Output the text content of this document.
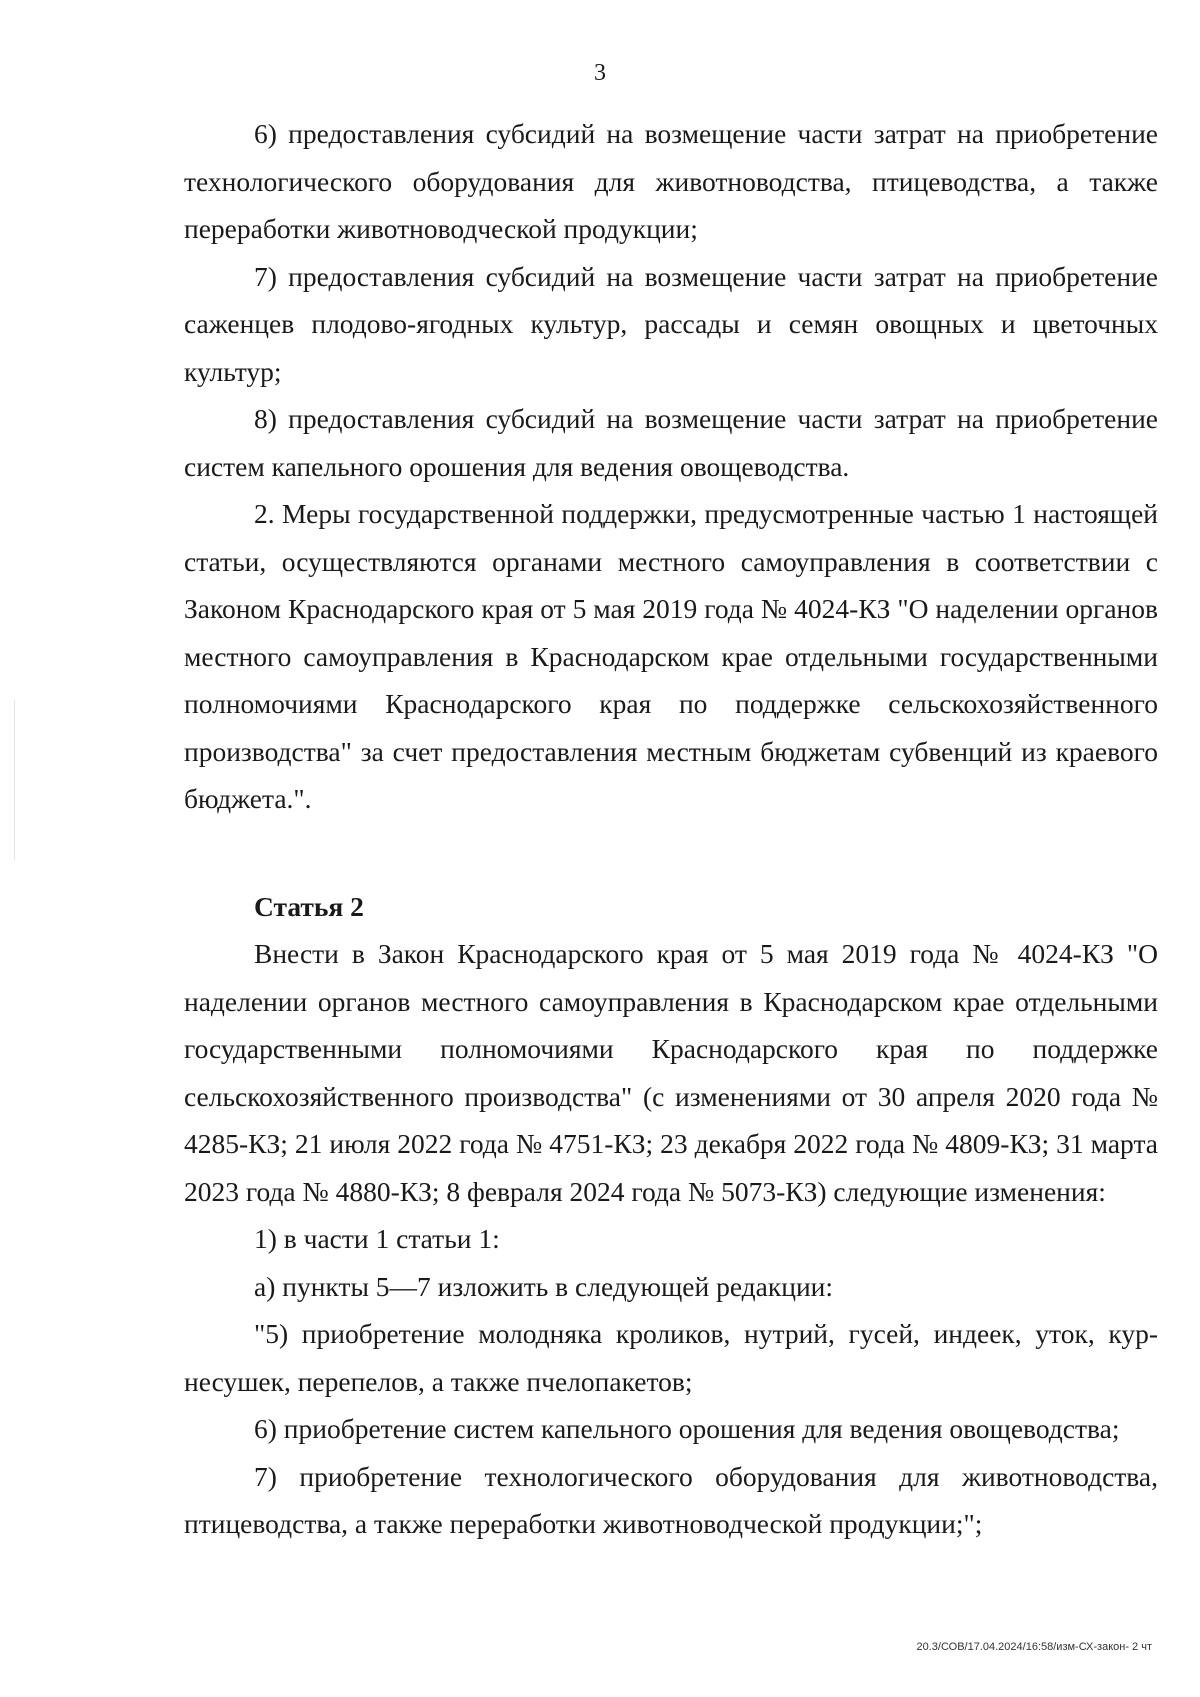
3

6) предоставления субсидий на возмещение части затрат на приобретение технологического оборудования для животноводства, птицеводства, а также переработки животноводческой продукции;

7) предоставления субсидий на возмещение части затрат на приобретение саженцев плодово-ягодных культур, рассады и семян овощных и цветочных культур;

8) предоставления субсидий на возмещение части затрат на приобретение систем капельного орошения для ведения овощеводства.

2. Меры государственной поддержки, предусмотренные частью 1 настоящей статьи, осуществляются органами местного самоуправления в соответствии с Законом Краснодарского края от 5 мая 2019 года № 4024-КЗ "О наделении органов местного самоуправления в Краснодарском крае отдельными государственными полномочиями Краснодарского края по поддержке сельскохозяйственного производства" за счет предоставления местным бюджетам субвенций из краевого бюджета.".

Статья 2

Внести в Закон Краснодарского края от 5 мая 2019 года № 4024-КЗ "О наделении органов местного самоуправления в Краснодарском крае отдельными государственными полномочиями Краснодарского края по поддержке сельскохозяйственного производства" (с изменениями от 30 апреля 2020 года № 4285-КЗ; 21 июля 2022 года № 4751-КЗ; 23 декабря 2022 года № 4809-КЗ; 31 марта 2023 года № 4880-КЗ; 8 февраля 2024 года № 5073-КЗ) следующие изменения:

1) в части 1 статьи 1:

а) пункты 5—7 изложить в следующей редакции:

"5) приобретение молодняка кроликов, нутрий, гусей, индеек, уток, кур-несушек, перепелов, а также пчелопакетов;

6) приобретение систем капельного орошения для ведения овощеводства;

7) приобретение технологического оборудования для животноводства, птицеводства, а также переработки животноводческой продукции;";

20.3/СОВ/17.04.2024/16:58/изм-СХ-закон- 2 чт
